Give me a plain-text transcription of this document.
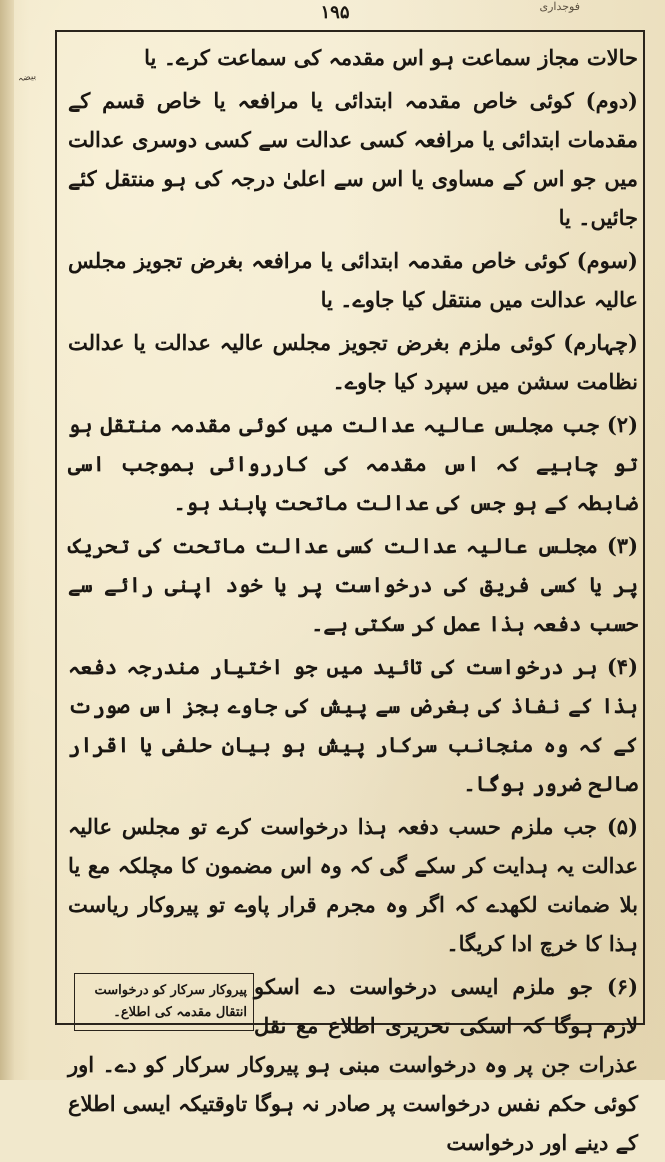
فوجداری
۱۹۵
بیضہ

حالات مجاز سماعت ہو اس مقدمہ کی سماعت کرے۔ یا

(دوم) کوئی خاص مقدمہ ابتدائی یا مرافعہ یا خاص قسم کے مقدمات ابتدائی یا مرافعہ کسی عدالت سے کسی دوسری عدالت میں جو اس کے مساوی یا اس سے اعلیٰ درجہ کی ہو منتقل کئے جائیں۔ یا

(سوم) کوئی خاص مقدمہ ابتدائی یا مرافعہ بغرض تجویز مجلس عالیہ عدالت میں منتقل کیا جاوے۔ یا

(چہارم) کوئی ملزم بغرض تجویز مجلس عالیہ عدالت یا عدالت نظامت سشن میں سپرد کیا جاوے۔

(۲) جب مجلس عالیہ عدالت میں کوئی مقدمہ منتقل ہو تو چاہیے کہ اس مقدمہ کی کارروائی بموجب اسی ضابطہ کے ہو جس کی عدالت ماتحت پابند ہو۔

(۳) مجلس عالیہ عدالت کسی عدالت ماتحت کی تحریک پر یا کسی فریق کی درخواست پر یا خود اپنی رائے سے حسب دفعہ ہذا عمل کر سکتی ہے۔

(۴) ہر درخواست کی تائید میں جو اختیار مندرجہ دفعہ ہذا کے نفاذ کی بغرض سے پیش کی جاوے بجز اس صورت کے کہ وہ منجانب سرکار پیش ہو بیان حلفی یا اقرار صالح ضرور ہوگا۔

(۵) جب ملزم حسب دفعہ ہذا درخواست کرے تو مجلس عالیہ عدالت یہ ہدایت کر سکے گی کہ وہ اس مضمون کا مچلکہ مع یا بلا ضمانت لکھدے کہ اگر وہ مجرم قرار پاوے تو پیروکار ریاست ہذا کا خرچ ادا کریگا۔

پیروکار سرکار کو درخواست انتقال مقدمہ کی اطلاع۔

(۶) جو ملزم ایسی درخواست دے اسکو لازم ہوگا کہ اسکی تحریری اطلاع مع نقل عذرات جن پر وہ درخواست مبنی ہو پیروکار سرکار کو دے۔ اور کوئی حکم نفس درخواست پر صادر نہ ہوگا تاوقتیکہ ایسی اطلاع کے دینے اور درخواست
